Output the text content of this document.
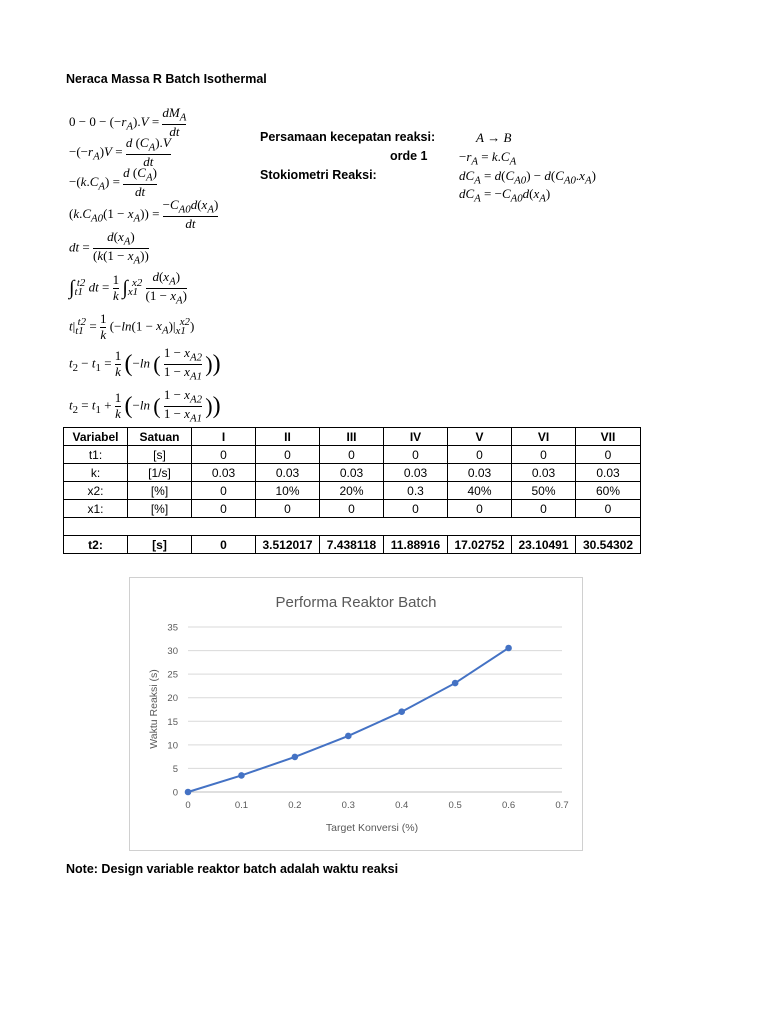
Neraca Massa R Batch Isothermal
$0 - 0 - (-r_A).V$ =
$dM_A$
dt
$-(-r_A)V = \frac{d (C_A).V}{dt}$
$-(k.C_A) = \frac{d (C_A)}{dt}$
$(k.C_{A0}(1 - x_A)) = \frac{-C_{A0}d(x_A)}{dt}$
dt = $\frac{d(x_A)}{(k(1 - x_A))}$
$\int_{t1}^{t2}$ dt = $\frac{1}{k} \int_{x1}^{x2} \frac{d(x_A)}{(1 - x_A)}$
$t|_{t1}^{t2} = \frac{1}{k} (-\ln(1 - x_A)|_{x1}^{x2})$
$t_2 - t_1 = \frac{1}{k} (-\ln$ ( $\frac{1 - x_{A2}}{1 - x_{A1}}$ ))
$t_2 = t_1 + \frac{1}{k} (-\ln$ ( $\frac{1 - x_{A2}}{1 - x_{A1}}$ ))
Persamaan kecepatan reaksi:
orde 1
Stokiometri Reaksi:
A → B
$-r_A = k.C_A$
$dC_A = d(C_{A0}) - d(C_{A0}.x_A)$
$dC_A = -C_{A0}d(x_A)$
Variabel	Satuan	I	II	III	IV	V	VI	VII
t1:	[s]	0	0	0	0	0	0	0
k:	[1/s]	0.03	0.03	0.03	0.03	0.03	0.03	0.03
x2:	[%]	0	10%	20%	0.3	40%	50%	60%
x1:	[%]	0	0	0	0	0	0	0

t2:	[s]	0	3.512017	7.438118	11.88916	17.02752	23.10491	30.54302
Performa Reaktor Batch
Target Konversi (%)
Waktu Reaksi (s)
0
5
10
15
20
25
30
35
0	0.1	0.2	0.3	0.4	0.5	0.6	0.7
Note: Design variable reaktor batch adalah waktu reaksi
